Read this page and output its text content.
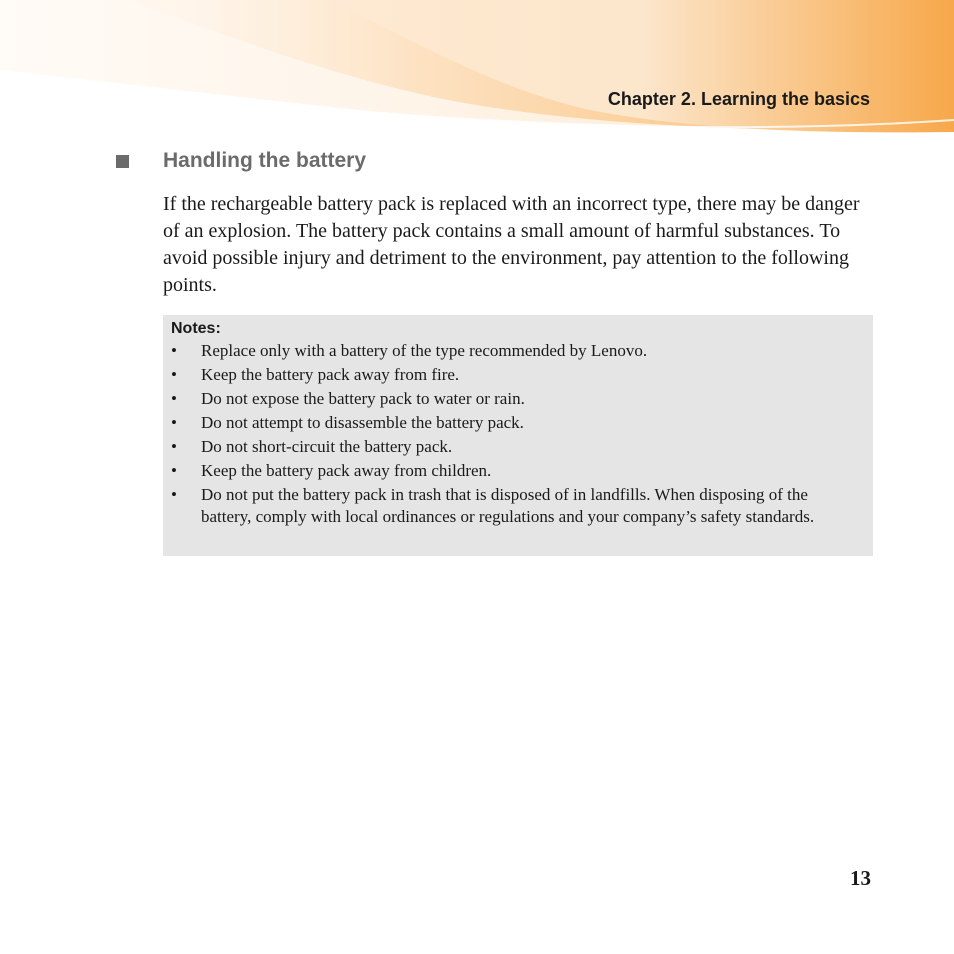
Chapter 2. Learning the basics
Handling the battery

If the rechargeable battery pack is replaced with an incorrect type, there may be danger of an explosion. The battery pack contains a small amount of harmful substances. To avoid possible injury and detriment to the environment, pay attention to the following points.

Notes:
•	Replace only with a battery of the type recommended by Lenovo.
•	Keep the battery pack away from fire.
•	Do not expose the battery pack to water or rain.
•	Do not attempt to disassemble the battery pack.
•	Do not short-circuit the battery pack.
•	Keep the battery pack away from children.
•	Do not put the battery pack in trash that is disposed of in landfills. When disposing of the battery, comply with local ordinances or regulations and your company’s safety standards.
13
